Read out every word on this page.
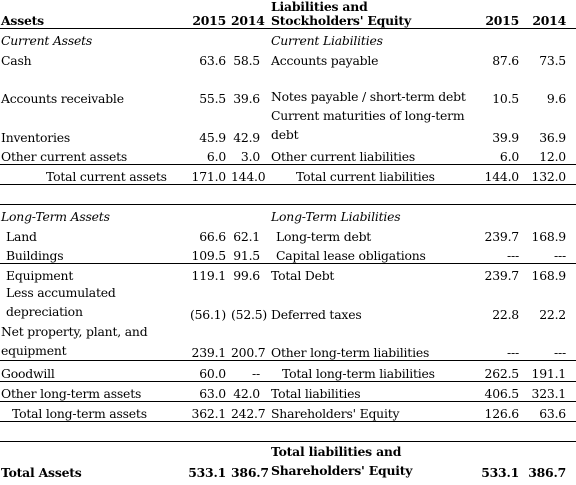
Assets	2015	2014	Liabilities and
Stockholders' Equity	2015	2014
Current Assets			Current Liabilities		
Cash	63.6	58.5	Accounts payable	87.6	73.5
Accounts receivable	55.5	39.6	Notes payable / short-term debt	10.5	9.6
Inventories	45.9	42.9	Current maturities of long-term debt	39.9	36.9
Other current assets	6.0	3.0	Other current liabilities	6.0	12.0
Total current assets	171.0	144.0	Total current liabilities	144.0	132.0

Long-Term Assets			Long-Term Liabilities		
Land	66.6	62.1	Long-term debt	239.7	168.9
Buildings	109.5	91.5	Capital lease obligations	---	---
Equipment	119.1	99.6	Total Debt	239.7	168.9
Less accumulated depreciation	(56.1)	(52.5)	Deferred taxes	22.8	22.2
Net property, plant, and equipment	239.1	200.7	Other long-term liabilities	---	---
Goodwill	60.0	--	Total long-term liabilities	262.5	191.1
Other long-term assets	63.0	42.0	Total liabilities	406.5	323.1
Total long-term assets	362.1	242.7	Shareholders' Equity	126.6	63.6

Total Assets	533.1	386.7	Total liabilities and Shareholders' Equity	533.1	386.7
